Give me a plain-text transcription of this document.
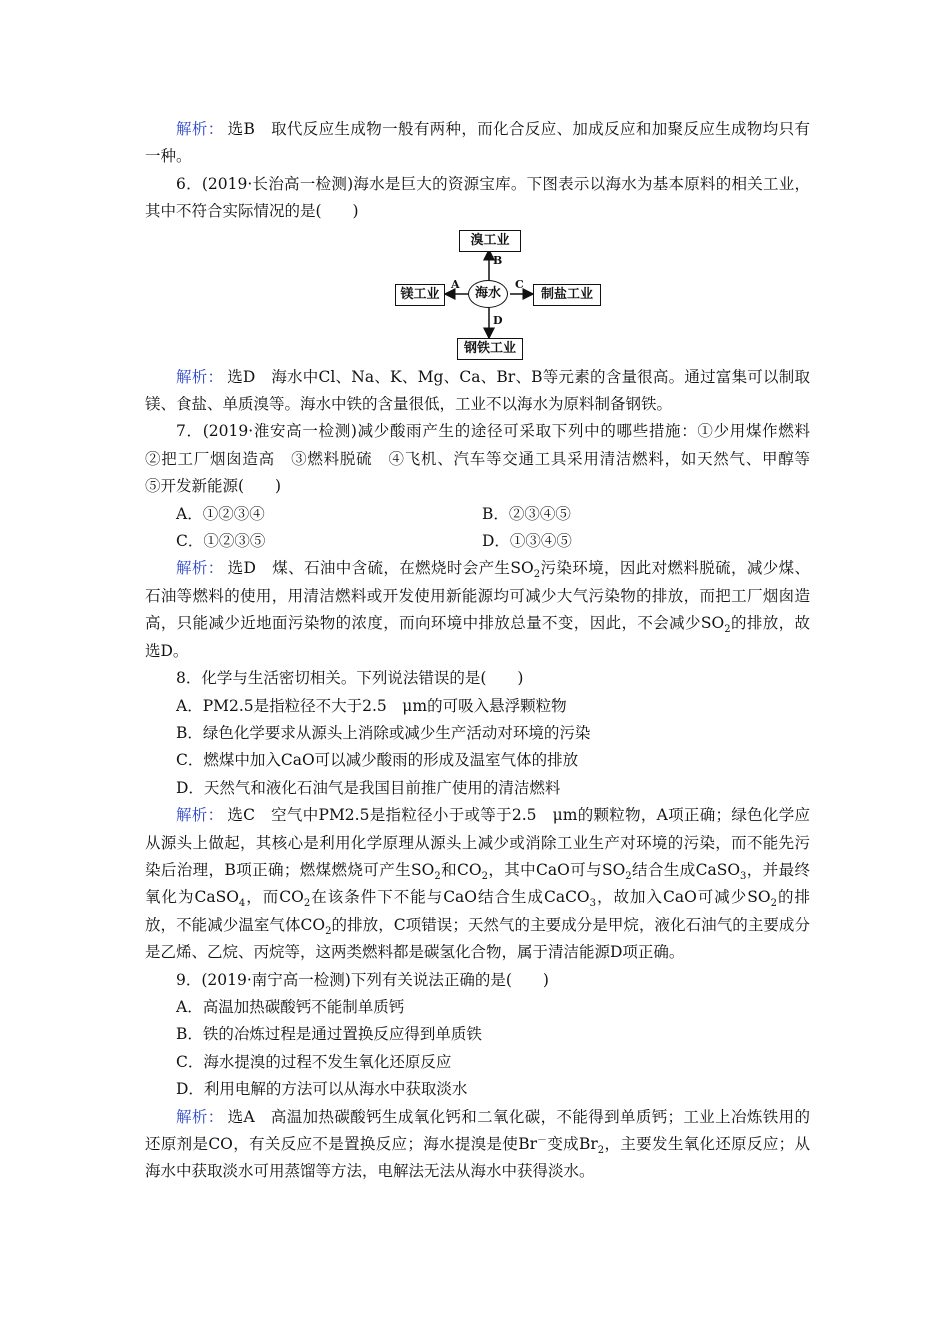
解析： 选B　取代反应生成物一般有两种，而化合反应、加成反应和加聚反应生成物均只有一种。

6．(2019·长治高一检测)海水是巨大的资源宝库。下图表示以海水为基本原料的相关工业，其中不符合实际情况的是(　　)

溴工业
镁工业	海水	制盐工业
钢铁工业
B
A	C
D

解析： 选D　海水中Cl、Na、K、Mg、Ca、Br、B等元素的含量很高。通过富集可以制取镁、食盐、单质溴等。海水中铁的含量很低，工业不以海水为原料制备钢铁。

7．(2019·淮安高一检测)减少酸雨产生的途径可采取下列中的哪些措施：①少用煤作燃料　②把工厂烟囱造高　③燃料脱硫　④飞机、汽车等交通工具采用清洁燃料，如天然气、甲醇等　⑤开发新能源(　　)

A．①②③④	B．②③④⑤
C．①②③⑤	D．①③④⑤

解析： 选D　煤、石油中含硫，在燃烧时会产生$SO_2$污染环境，因此对燃料脱硫，减少煤、石油等燃料的使用，用清洁燃料或开发使用新能源均可减少大气污染物的排放，而把工厂烟囱造高，只能减少近地面污染物的浓度，而向环境中排放总量不变，因此，不会减少$SO_2$的排放，故选D。

8．化学与生活密切相关。下列说法错误的是(　　)

A．PM2.5是指粒径不大于2.5　μm的可吸入悬浮颗粒物

B．绿色化学要求从源头上消除或减少生产活动对环境的污染

C．燃煤中加入CaO可以减少酸雨的形成及温室气体的排放

D．天然气和液化石油气是我国目前推广使用的清洁燃料

解析： 选C　空气中PM2.5是指粒径小于或等于2.5　μm的颗粒物，A项正确；绿色化学应从源头上做起，其核心是利用化学原理从源头上减少或消除工业生产对环境的污染，而不能先污染后治理，B项正确；燃煤燃烧可产生$SO_2$和$CO_2$，其中CaO可与$SO_2$结合生成CaSO$_3$，并最终氧化为CaSO$_4$，而$CO_2$在该条件下不能与CaO结合生成CaCO$_3$，故加入CaO可减少$SO_2$的排放，不能减少温室气体$CO_2$的排放，C项错误；天然气的主要成分是甲烷，液化石油气的主要成分是乙烯、乙烷、丙烷等，这两类燃料都是碳氢化合物，属于清洁能源D项正确。

9．(2019·南宁高一检测)下列有关说法正确的是(　　)

A．高温加热碳酸钙不能制单质钙

B．铁的冶炼过程是通过置换反应得到单质铁

C．海水提溴的过程不发生氧化还原反应

D．利用电解的方法可以从海水中获取淡水

解析： 选A　高温加热碳酸钙生成氧化钙和二氧化碳，不能得到单质钙；工业上冶炼铁用的还原剂是CO，有关反应不是置换反应；海水提溴是使Br－变成$Br_2$，主要发生氧化还原反应；从海水中获取淡水可用蒸馏等方法，电解法无法从海水中获得淡水。
